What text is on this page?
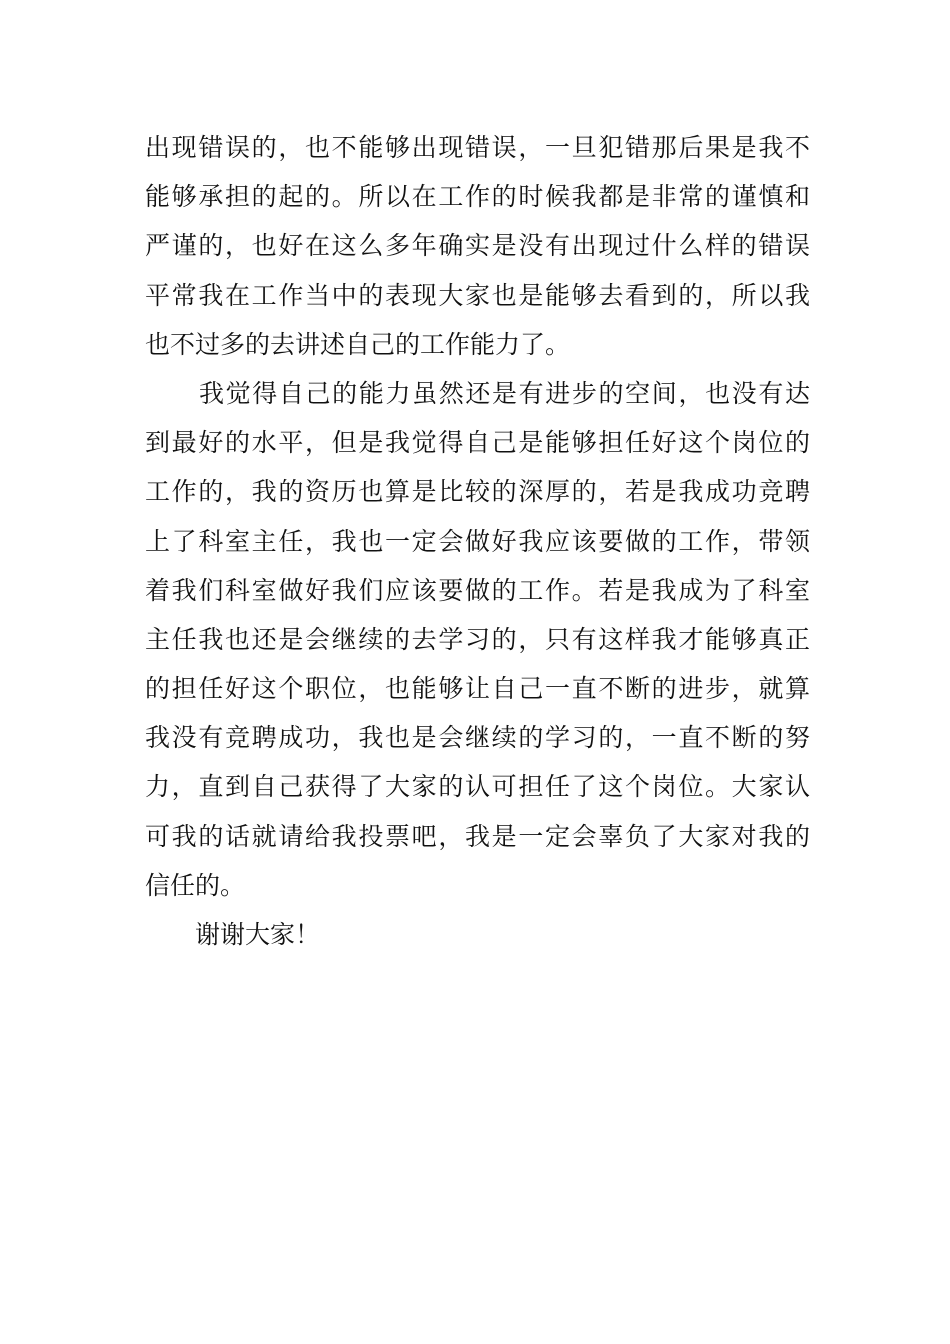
出现错误的，也不能够出现错误，一旦犯错那后果是我不
能够承担的起的。所以在工作的时候我都是非常的谨慎和
严谨的，也好在这么多年确实是没有出现过什么样的错误
平常我在工作当中的表现大家也是能够去看到的，所以我
也不过多的去讲述自己的工作能力了。
我觉得自己的能力虽然还是有进步的空间，也没有达
到最好的水平，但是我觉得自己是能够担任好这个岗位的
工作的，我的资历也算是比较的深厚的，若是我成功竞聘
上了科室主任，我也一定会做好我应该要做的工作，带领
着我们科室做好我们应该要做的工作。若是我成为了科室
主任我也还是会继续的去学习的，只有这样我才能够真正
的担任好这个职位，也能够让自己一直不断的进步，就算
我没有竞聘成功，我也是会继续的学习的，一直不断的努
力，直到自己获得了大家的认可担任了这个岗位。大家认
可我的话就请给我投票吧，我是一定会辜负了大家对我的
信任的。
谢谢大家！
